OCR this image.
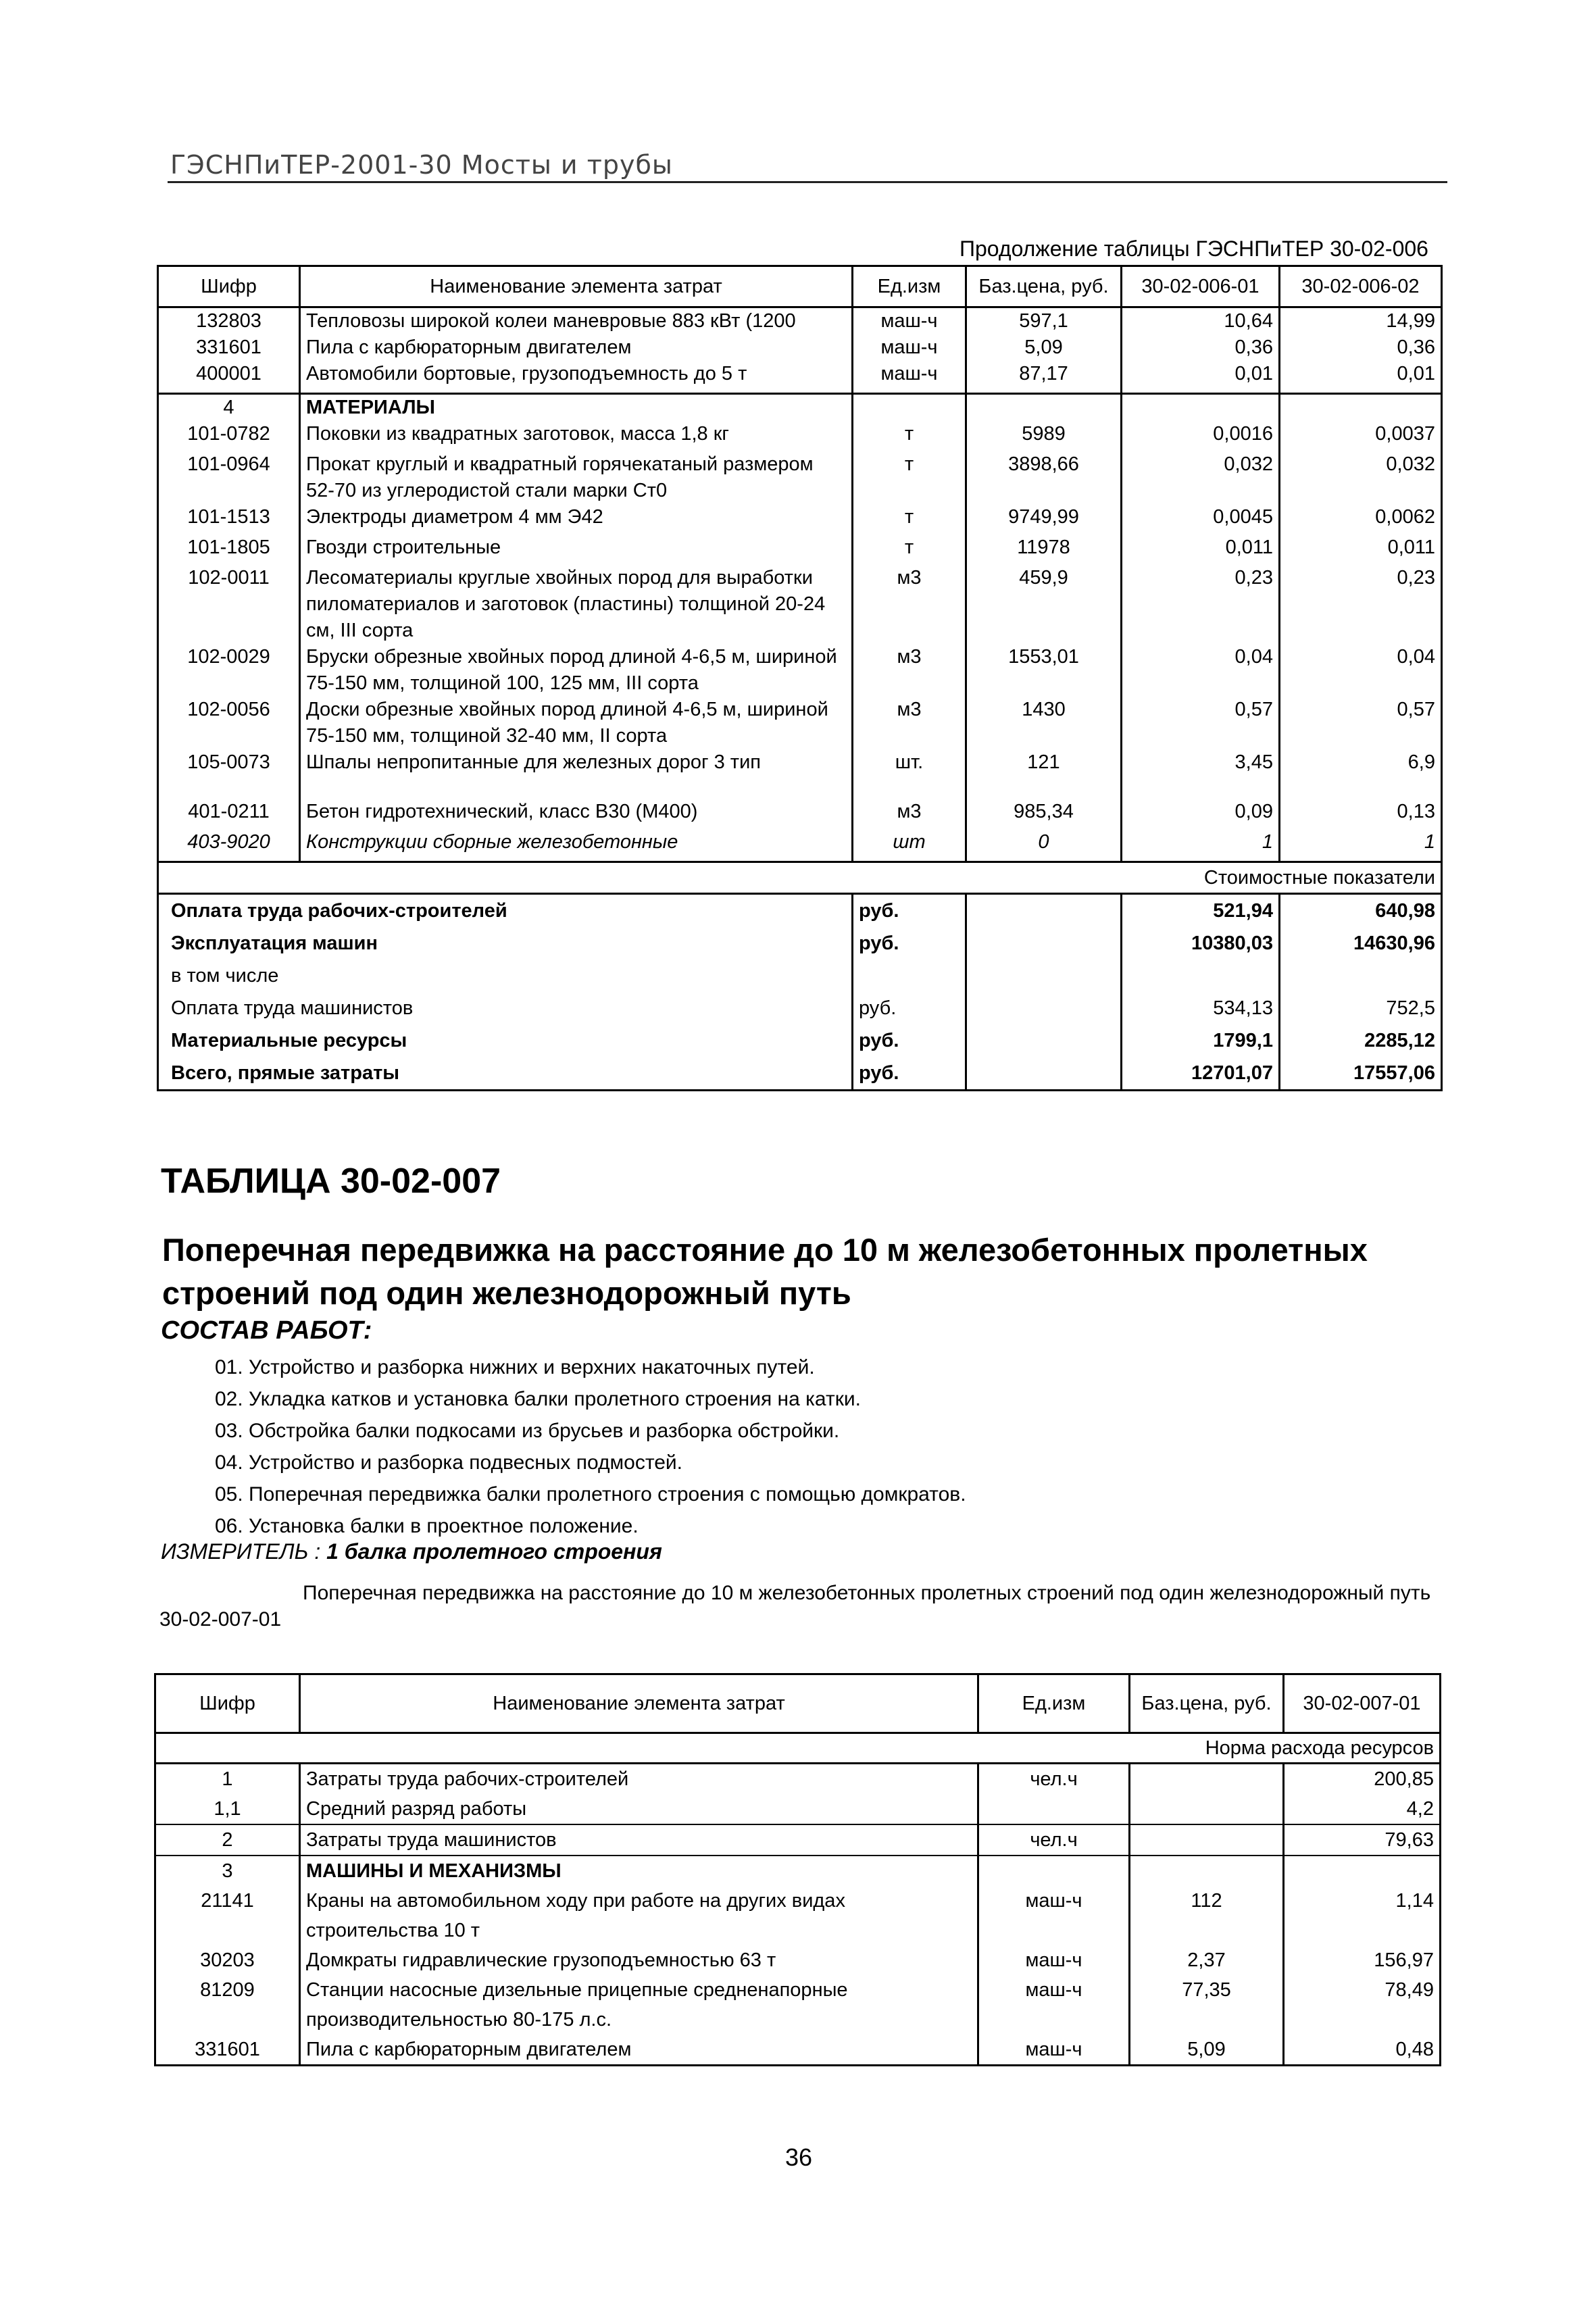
ГЭСНПиТЕР-2001-30 Мосты и трубы
Продолжение таблицы ГЭСНПиТЕР 30-02-006
Шифр	Наименование элемента затрат	Ед.изм	Баз.цена, руб.	30-02-006-01	30-02-006-02
132803	Тепловозы широкой колеи маневровые 883 кВт (1200	маш-ч	597,1	10,64	14,99
331601	Пила с карбюраторным двигателем	маш-ч	5,09	0,36	0,36
400001	Автомобили бортовые, грузоподъемность до 5 т	маш-ч	87,17	0,01	0,01
4	МАТЕРИАЛЫ				
101-0782	Поковки из квадратных заготовок, масса 1,8 кг	т	5989	0,0016	0,0037
101-0964	Прокат круглый и квадратный горячекатаный размером 52-70 из углеродистой стали марки Ст0	т	3898,66	0,032	0,032
101-1513	Электроды диаметром 4 мм Э42	т	9749,99	0,0045	0,0062
101-1805	Гвозди строительные	т	11978	0,011	0,011
102-0011	Лесоматериалы круглые хвойных пород для выработки пиломатериалов и заготовок (пластины) толщиной 20-24 см, III сорта	м3	459,9	0,23	0,23
102-0029	Бруски обрезные хвойных пород длиной 4-6,5 м, шириной 75-150 мм, толщиной 100, 125 мм, III сорта	м3	1553,01	0,04	0,04
102-0056	Доски обрезные хвойных пород длиной 4-6,5 м, шириной 75-150 мм, толщиной 32-40 мм, II сорта	м3	1430	0,57	0,57
105-0073	Шпалы непропитанные для железных дорог 3 тип	шт.	121	3,45	6,9
401-0211	Бетон гидротехнический, класс В30 (М400)	м3	985,34	0,09	0,13
403-9020	Конструкции сборные железобетонные	шт	0	1	1
Стоимостные показатели					
Оплата труда рабочих-строителей		руб.		521,94	640,98
Эксплуатация машин		руб.		10380,03	14630,96
в том числе					
Оплата труда машинистов		руб.		534,13	752,5
Материальные ресурсы		руб.		1799,1	2285,12
Всего, прямые затраты		руб.		12701,07	17557,06
ТАБЛИЦА 30-02-007
Поперечная передвижка на расстояние до 10 м железобетонных пролетных строений под один железнодорожный путь
СОСТАВ РАБОТ:
01. Устройство и разборка нижних и верхних накаточных путей.
02. Укладка катков и установка балки пролетного строения на катки.
03. Обстройка балки подкосами из брусьев и разборка обстройки.
04. Устройство и разборка подвесных подмостей.
05. Поперечная передвижка балки пролетного строения с помощью домкратов.
06. Установка балки в проектное положение.
ИЗМЕРИТЕЛЬ : 1 балка пролетного строения
30-02-007-01
Поперечная передвижка на расстояние до 10 м железобетонных пролетных строений под один железнодорожный путь
Шифр	Наименование элемента затрат	Ед.изм	Баз.цена, руб.	30-02-007-01
Норма расхода ресурсов				
1	Затраты труда рабочих-строителей	чел.ч		200,85
1,1	Средний разряд работы			4,2
2	Затраты труда машинистов	чел.ч		79,63
3	МАШИНЫ И МЕХАНИЗМЫ			
21141	Краны на автомобильном ходу при работе на других видах строительства 10 т	маш-ч	112	1,14
30203	Домкраты гидравлические грузоподъемностью 63 т	маш-ч	2,37	156,97
81209	Станции насосные дизельные прицепные средненапорные производительностью 80-175 л.с.	маш-ч	77,35	78,49
331601	Пила с карбюраторным двигателем	маш-ч	5,09	0,48
36
